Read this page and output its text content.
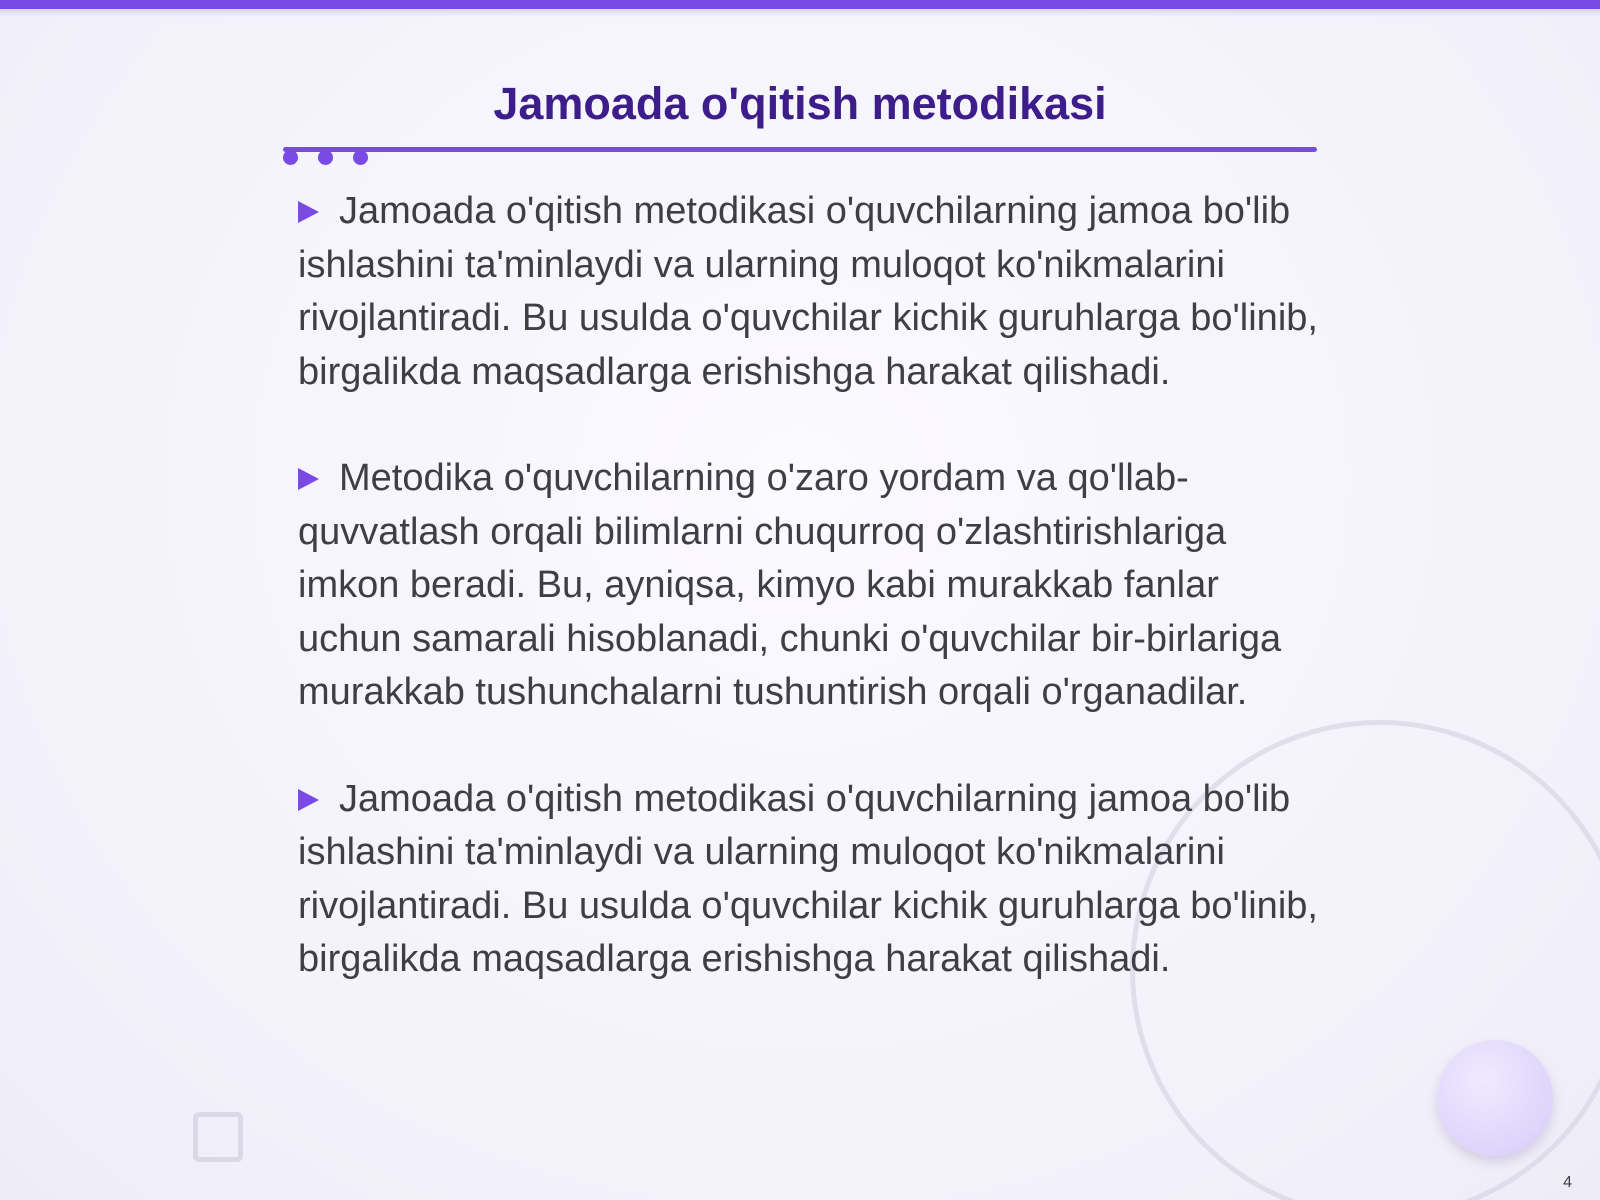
Jamoada o'qitish metodikasi

Jamoada o'qitish metodikasi o'quvchilarning jamoa bo'lib ishlashini ta'minlaydi va ularning muloqot ko'nikmalarini rivojlantiradi. Bu usulda o'quvchilar kichik guruhlarga bo'linib, birgalikda maqsadlarga erishishga harakat qilishadi.

Metodika o'quvchilarning o'zaro yordam va qo'llab-quvvatlash orqali bilimlarni chuqurroq o'zlashtirishlariga imkon beradi. Bu, ayniqsa, kimyo kabi murakkab fanlar uchun samarali hisoblanadi, chunki o'quvchilar bir-birlariga murakkab tushunchalarni tushuntirish orqali o'rganadilar.

Jamoada o'qitish metodikasi o'quvchilarning jamoa bo'lib ishlashini ta'minlaydi va ularning muloqot ko'nikmalarini rivojlantiradi. Bu usulda o'quvchilar kichik guruhlarga bo'linib, birgalikda maqsadlarga erishishga harakat qilishadi.

4
